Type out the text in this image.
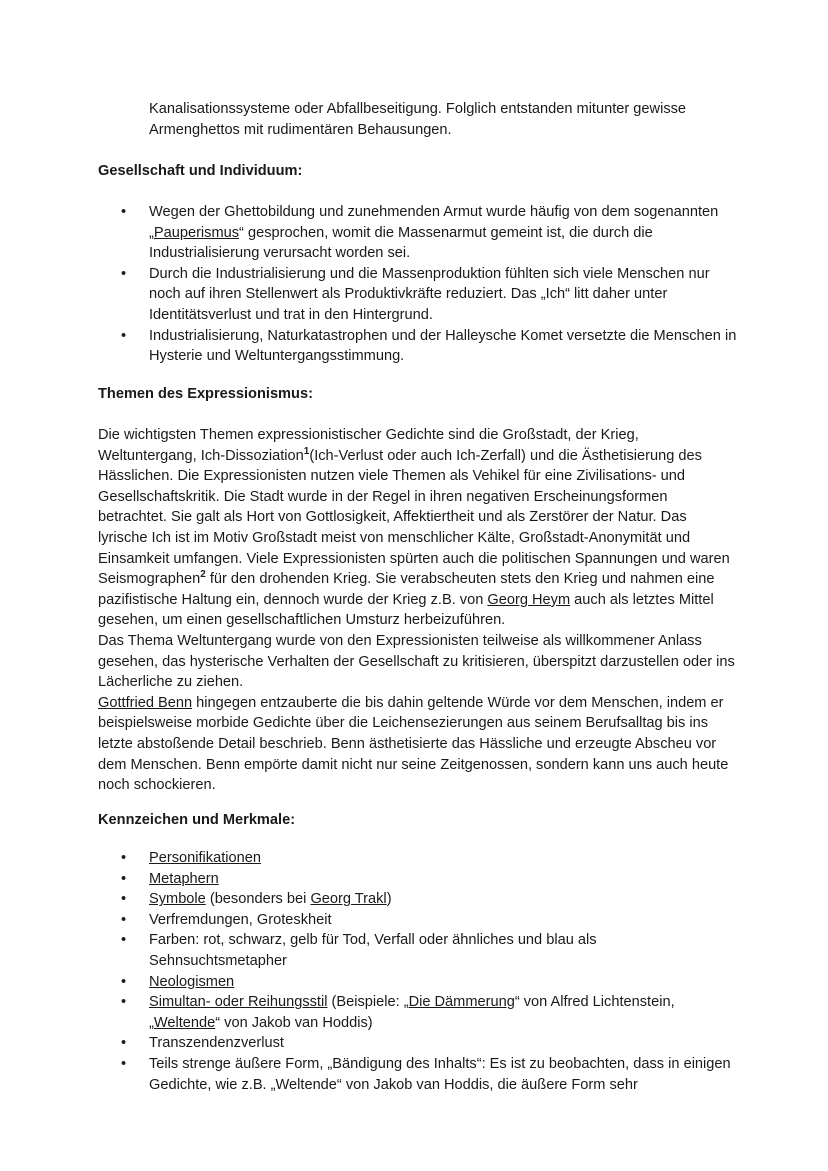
Kanalisationssysteme oder Abfallbeseitigung. Folglich entstanden mitunter gewisse Armenghettos mit rudimentären Behausungen.

Gesellschaft und Individuum:
• Wegen der Ghettobildung und zunehmenden Armut wurde häufig von dem sogenannten „Pauperismus“ gesprochen, womit die Massenarmut gemeint ist, die durch die Industrialisierung verursacht worden sei.
• Durch die Industrialisierung und die Massenproduktion fühlten sich viele Menschen nur noch auf ihren Stellenwert als Produktivkräfte reduziert. Das „Ich“ litt daher unter Identitätsverlust und trat in den Hintergrund.
• Industrialisierung, Naturkatastrophen und der Halleysche Komet versetzte die Menschen in Hysterie und Weltuntergangsstimmung.
Themen des Expressionismus:

Die wichtigsten Themen expressionistischer Gedichte sind die Großstadt, der Krieg, Weltuntergang, Ich-Dissoziation$^1$(Ich-Verlust oder auch Ich-Zerfall) und die Ästhetisierung des Hässlichen. Die Expressionisten nutzen viele Themen als Vehikel für eine Zivilisations- und Gesellschaftskritik. Die Stadt wurde in der Regel in ihren negativen Erscheinungsformen betrachtet. Sie galt als Hort von Gottlosigkeit, Affektiertheit und als Zerstörer der Natur. Das lyrische Ich ist im Motiv Großstadt meist von menschlicher Kälte, Großstadt-Anonymität und Einsamkeit umfangen. Viele Expressionisten spürten auch die politischen Spannungen und waren Seismographen$^2$ für den drohenden Krieg. Sie verabscheuten stets den Krieg und nahmen eine pazifistische Haltung ein, dennoch wurde der Krieg z.B. von Georg Heym auch als letztes Mittel gesehen, um einen gesellschaftlichen Umsturz herbeizuführen.
Das Thema Weltuntergang wurde von den Expressionisten teilweise als willkommener Anlass gesehen, das hysterische Verhalten der Gesellschaft zu kritisieren, überspitzt darzustellen oder ins Lächerliche zu ziehen.
Gottfried Benn hingegen entzauberte die bis dahin geltende Würde vor dem Menschen, indem er beispielsweise morbide Gedichte über die Leichensezierungen aus seinem Berufsalltag bis ins letzte abstoßende Detail beschrieb. Benn ästhetisierte das Hässliche und erzeugte Abscheu vor dem Menschen. Benn empörte damit nicht nur seine Zeitgenossen, sondern kann uns auch heute noch schockieren.

Kennzeichen und Merkmale:
• Personifikationen
• Metaphern
• Symbole (besonders bei Georg Trakl)
• Verfremdungen, Groteskheit
• Farben: rot, schwarz, gelb für Tod, Verfall oder ähnliches und blau als Sehnsuchtsmetapher
• Neologismen
• Simultan- oder Reihungsstil (Beispiele: „Die Dämmerung“ von Alfred Lichtenstein, „Weltende“ von Jakob van Hoddis)
• Transzendenzverlust
• Teils strenge äußere Form, „Bändigung des Inhalts“: Es ist zu beobachten, dass in einigen Gedichte, wie z.B. „Weltende“ von Jakob van Hoddis, die äußere Form sehr
